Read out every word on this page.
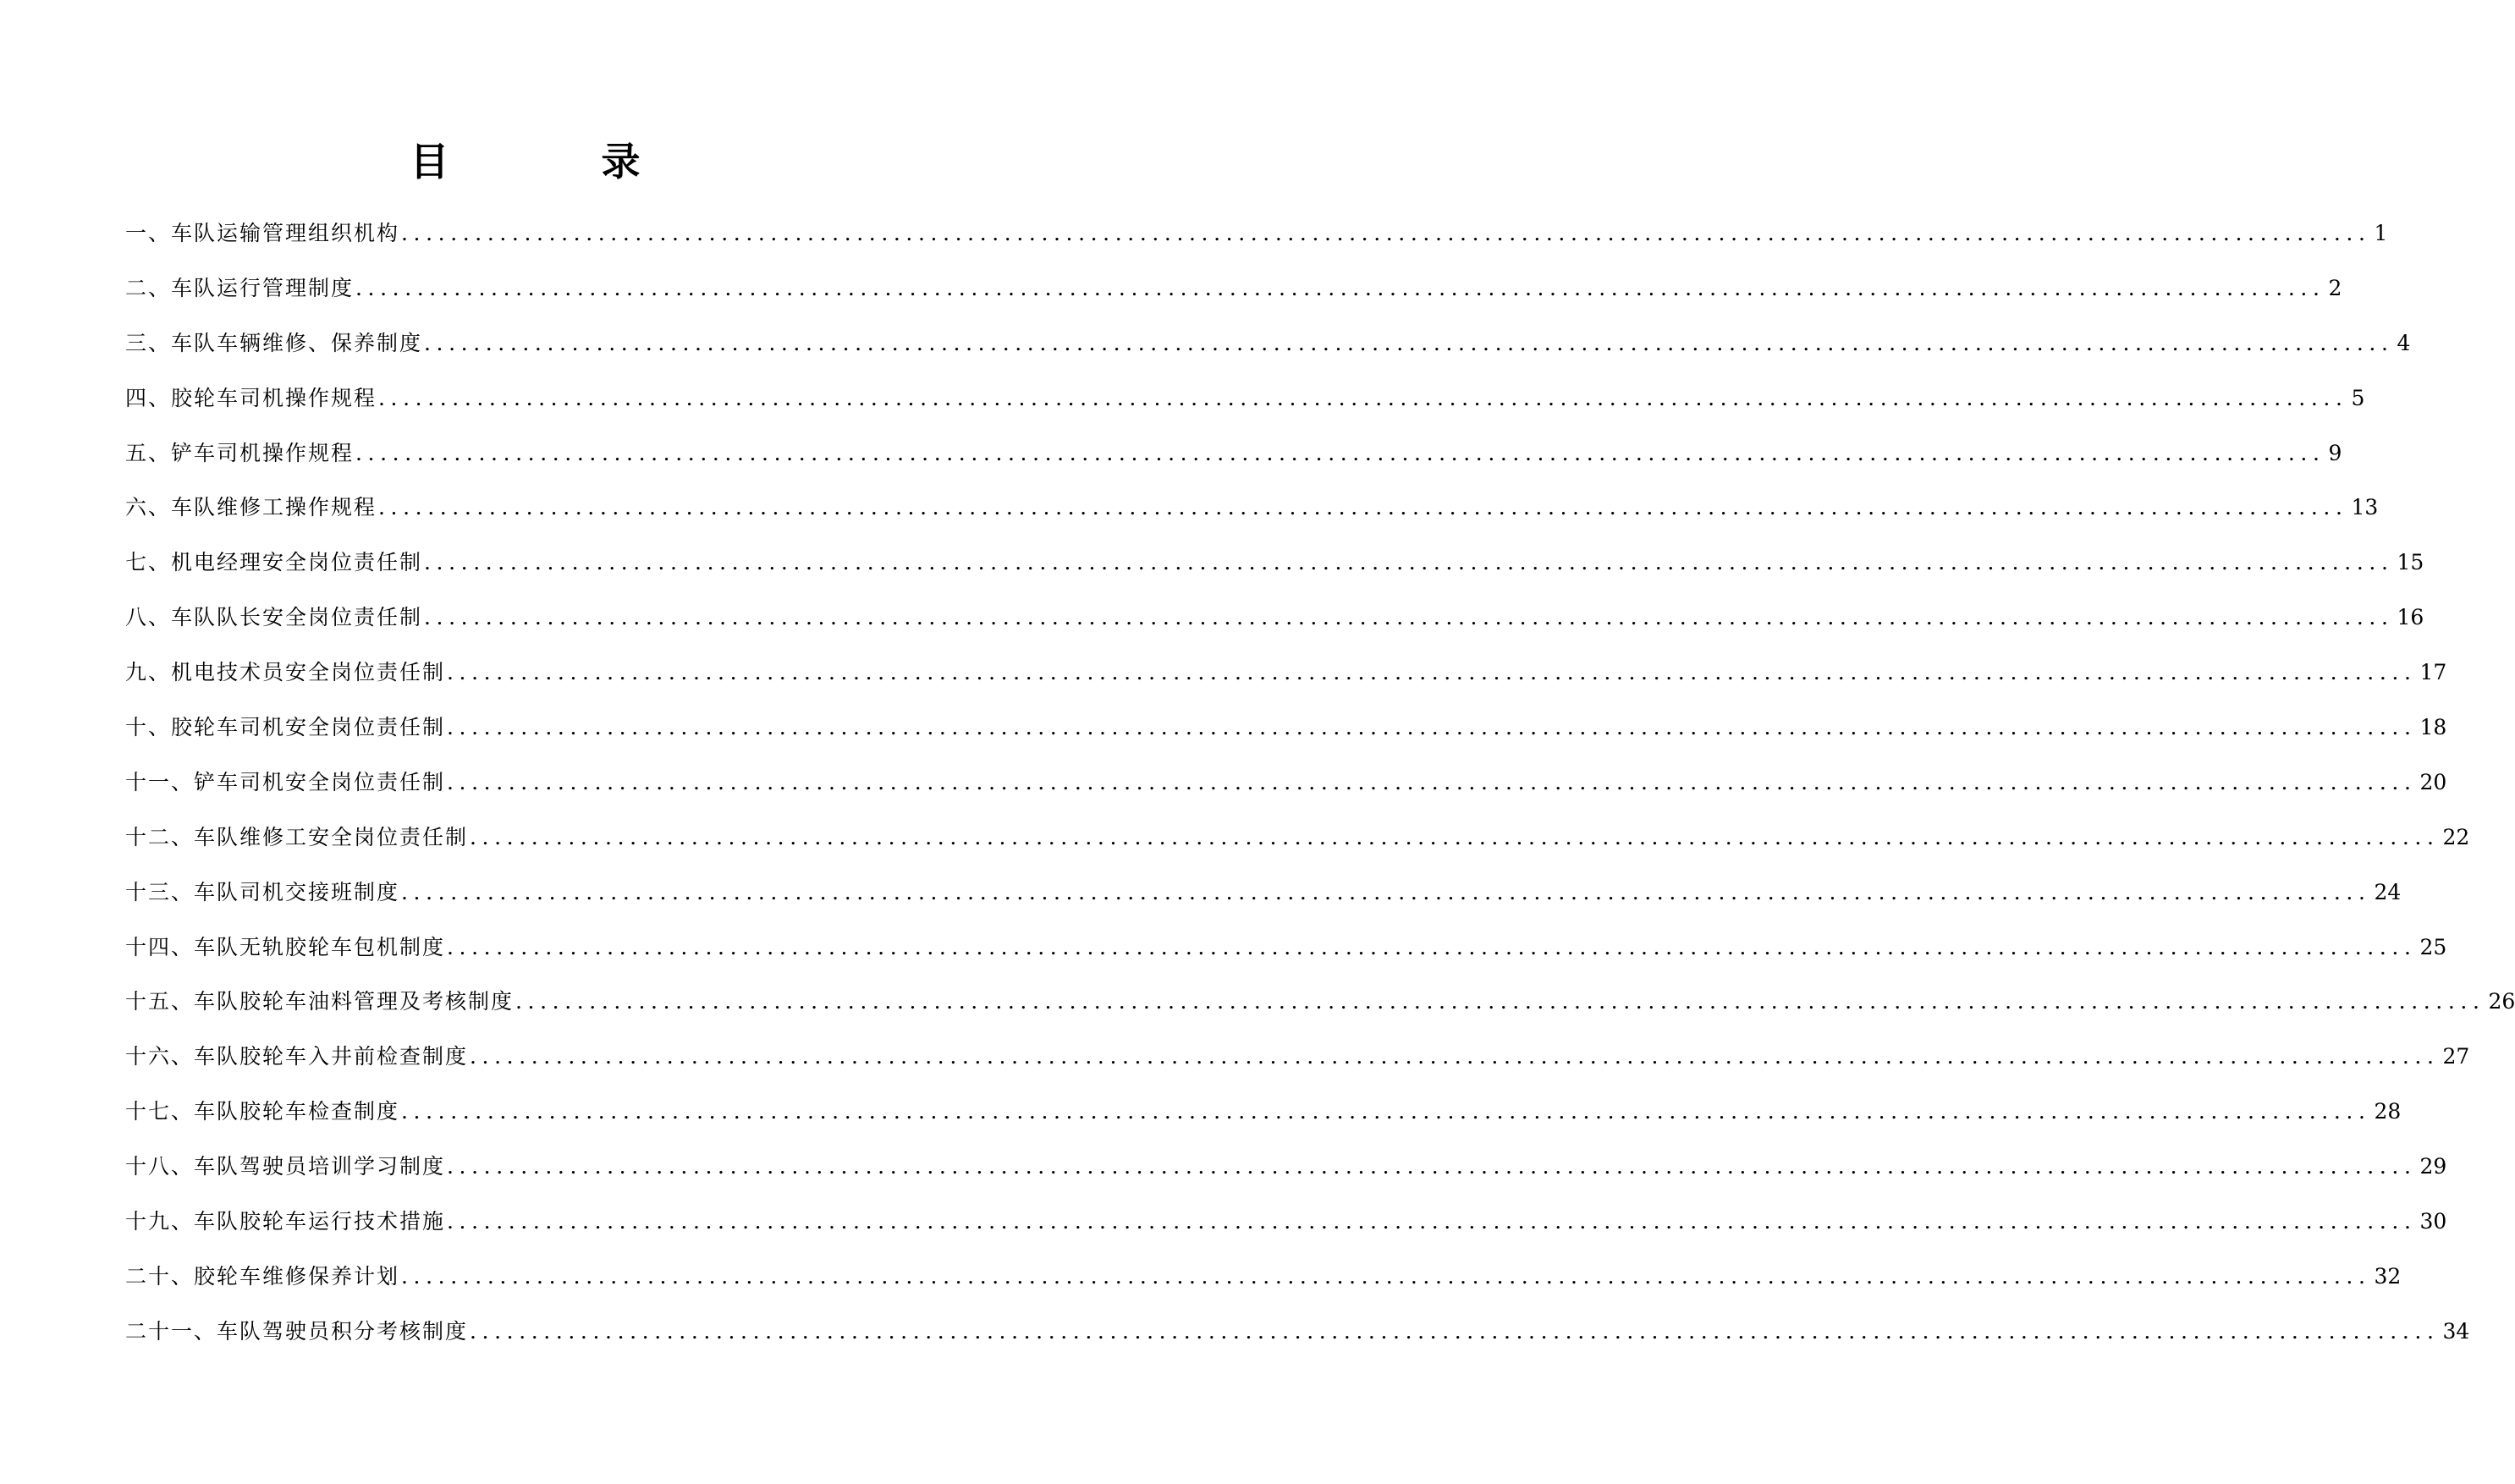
目	录
一、车队运输管理组织机构 ................................................................................................................................................................ 1
二、车队运行管理制度 ................................................................................................................................................................ 2
三、车队车辆维修、保养制度 ................................................................................................................................................................ 4
四、胶轮车司机操作规程 ................................................................................................................................................................ 5
五、铲车司机操作规程 ................................................................................................................................................................ 9
六、车队维修工操作规程 ................................................................................................................................................................ 13
七、机电经理安全岗位责任制 ................................................................................................................................................................ 15
八、车队队长安全岗位责任制 ................................................................................................................................................................ 16
九、机电技术员安全岗位责任制 ................................................................................................................................................................ 17
十、胶轮车司机安全岗位责任制 ................................................................................................................................................................ 18
十一、铲车司机安全岗位责任制 ................................................................................................................................................................ 20
十二、车队维修工安全岗位责任制 ................................................................................................................................................................ 22
十三、车队司机交接班制度 ................................................................................................................................................................ 24
十四、车队无轨胶轮车包机制度 ................................................................................................................................................................ 25
十五、车队胶轮车油料管理及考核制度 ................................................................................................................................................................ 26
十六、车队胶轮车入井前检查制度 ................................................................................................................................................................ 27
十七、车队胶轮车检查制度 ................................................................................................................................................................ 28
十八、车队驾驶员培训学习制度 ................................................................................................................................................................ 29
十九、车队胶轮车运行技术措施 ................................................................................................................................................................ 30
二十、胶轮车维修保养计划 ................................................................................................................................................................ 32
二十一、车队驾驶员积分考核制度 ................................................................................................................................................................ 34
